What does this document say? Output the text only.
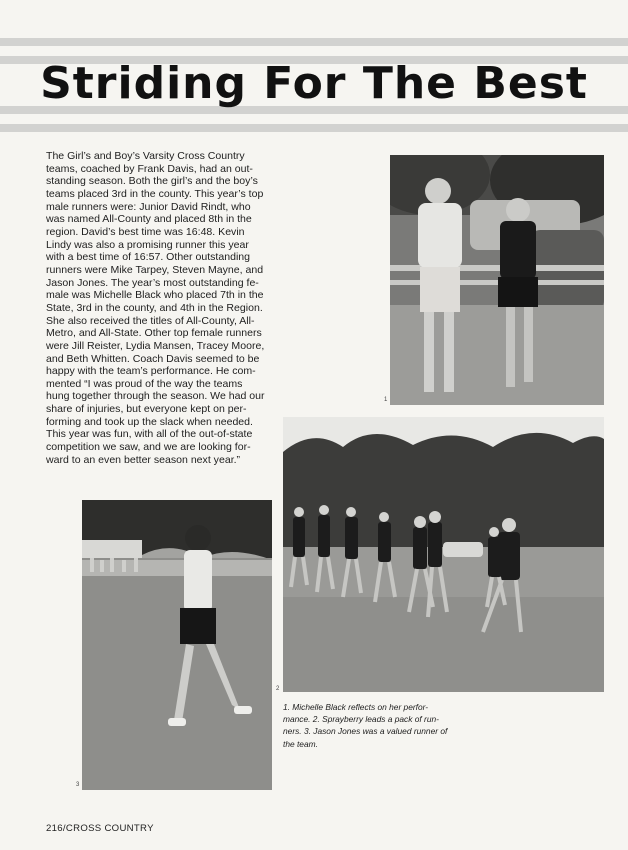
Striding For The Best
The Girl’s and Boy’s Varsity Cross Country
teams, coached by Frank Davis, had an out-
standing season. Both the girl’s and the boy’s
teams placed 3rd in the county. This year’s top
male runners were: Junior David Rindt, who
was named All-County and placed 8th in the
region. David’s best time was 16:48. Kevin
Lindy was also a promising runner this year
with a best time of 16:57. Other outstanding
runners were Mike Tarpey, Steven Mayne, and
Jason Jones. The year’s most outstanding fe-
male was Michelle Black who placed 7th in the
State, 3rd in the county, and 4th in the Region.
She also received the titles of All-County, All-
Metro, and All-State. Other top female runners
were Jill Reister, Lydia Mansen, Tracey Moore,
and Beth Whitten. Coach Davis seemed to be
happy with the team’s performance. He com-
mented “I was proud of the way the teams
hung together through the season. We had our
share of injuries, but everyone kept on per-
forming and took up the slack when needed.
This year was fun, with all of the out-of-state
competition we saw, and we are looking for-
ward to an even better season next year.”
1
2
3
1. Michelle Black reflects on her perfor-
mance. 2. Sprayberry leads a pack of run-
ners. 3. Jason Jones was a valued runner of
the team.
216/CROSS COUNTRY
